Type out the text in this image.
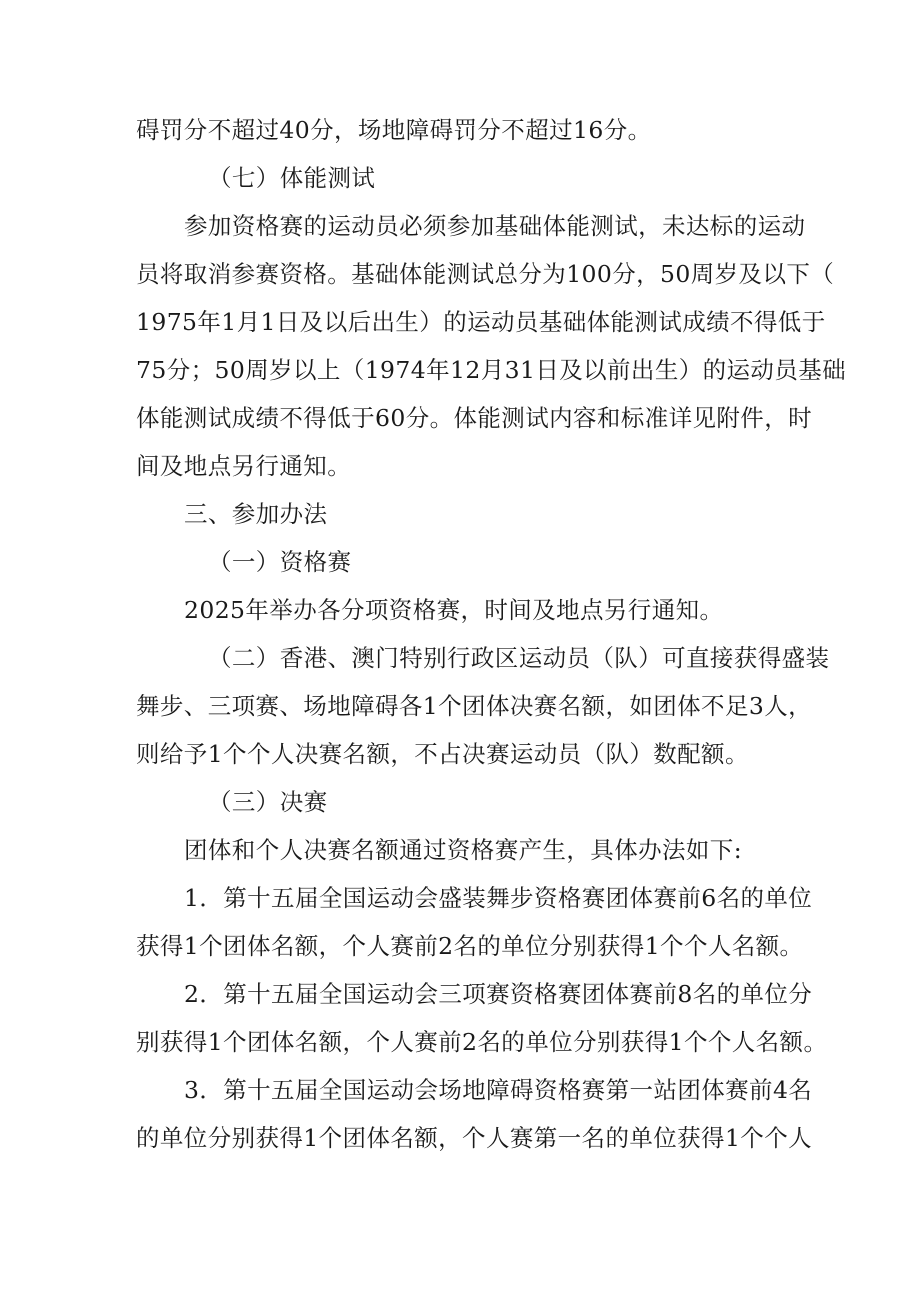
碍罚分不超过40分，场地障碍罚分不超过16分。
（七）体能测试
参加资格赛的运动员必须参加基础体能测试，未达标的运动
员将取消参赛资格。基础体能测试总分为100分，50周岁及以下（
1975年1月1日及以后出生）的运动员基础体能测试成绩不得低于
75分；50周岁以上（1974年12月31日及以前出生）的运动员基础
体能测试成绩不得低于60分。体能测试内容和标准详见附件，时
间及地点另行通知。
三、参加办法
（一）资格赛
2025年举办各分项资格赛，时间及地点另行通知。
（二）香港、澳门特别行政区运动员（队）可直接获得盛装
舞步、三项赛、场地障碍各1个团体决赛名额，如团体不足3人，
则给予1个个人决赛名额，不占决赛运动员（队）数配额。
（三）决赛
团体和个人决赛名额通过资格赛产生，具体办法如下:
1．第十五届全国运动会盛装舞步资格赛团体赛前6名的单位
获得1个团体名额，个人赛前2名的单位分别获得1个个人名额。
2．第十五届全国运动会三项赛资格赛团体赛前8名的单位分
别获得1个团体名额，个人赛前2名的单位分别获得1个个人名额。
3．第十五届全国运动会场地障碍资格赛第一站团体赛前4名
的单位分别获得1个团体名额，个人赛第一名的单位获得1个个人
